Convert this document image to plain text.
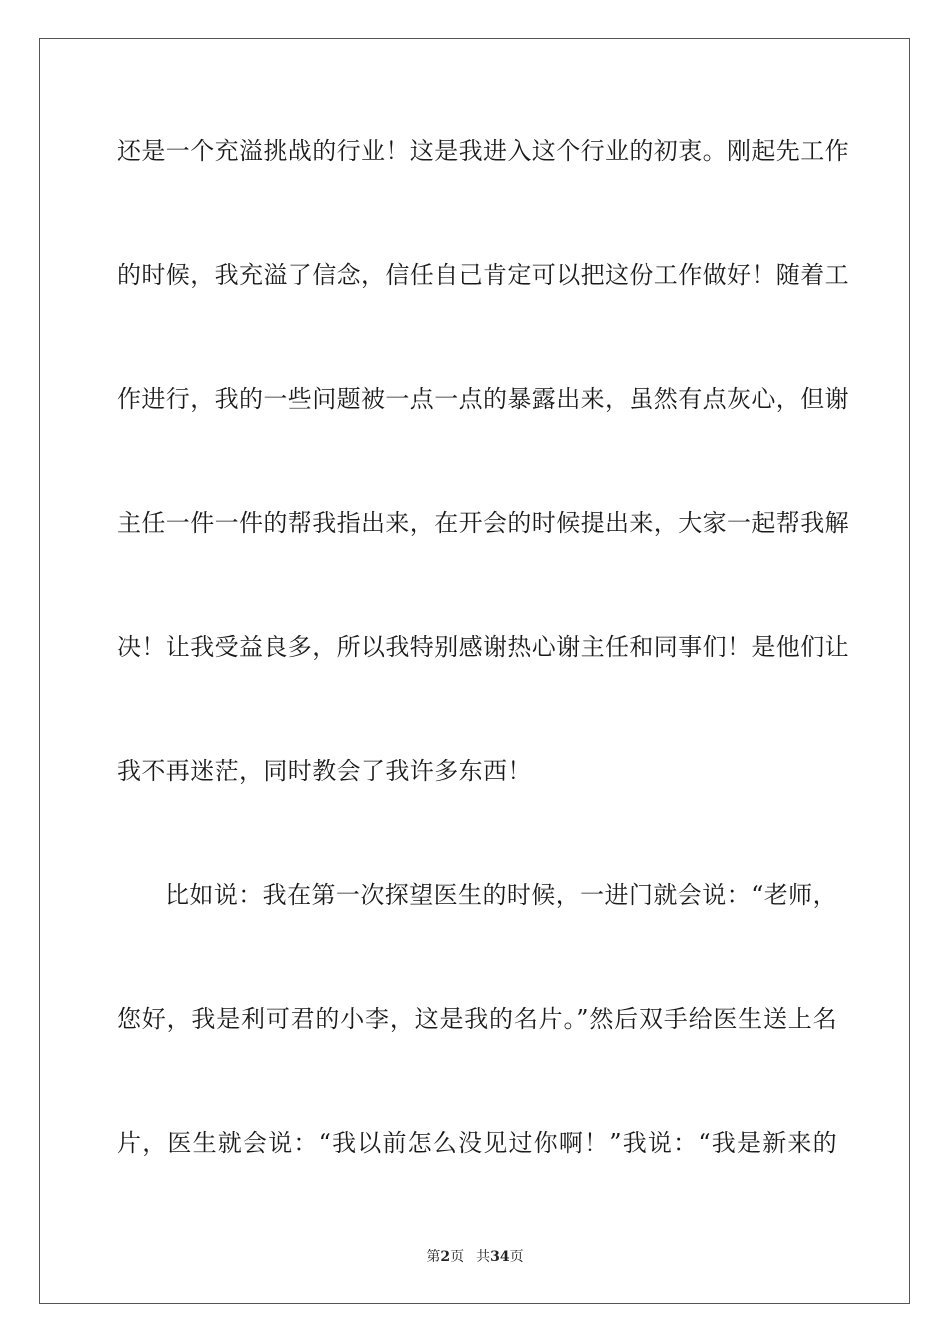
还是一个充溢挑战的行业！这是我进入这个行业的初衷。刚起先工作
的时候，我充溢了信念，信任自己肯定可以把这份工作做好！随着工
作进行，我的一些问题被一点一点的暴露出来，虽然有点灰心，但谢
主任一件一件的帮我指出来，在开会的时候提出来，大家一起帮我解
决！让我受益良多，所以我特别感谢热心谢主任和同事们！是他们让
我不再迷茫，同时教会了我许多东西！
比如说：我在第一次探望医生的时候，一进门就会说：“老师，
您好，我是利可君的小李，这是我的名片。”然后双手给医生送上名
片，医生就会说：“我以前怎么没见过你啊！”我说：“我是新来的
第2页 共34页
